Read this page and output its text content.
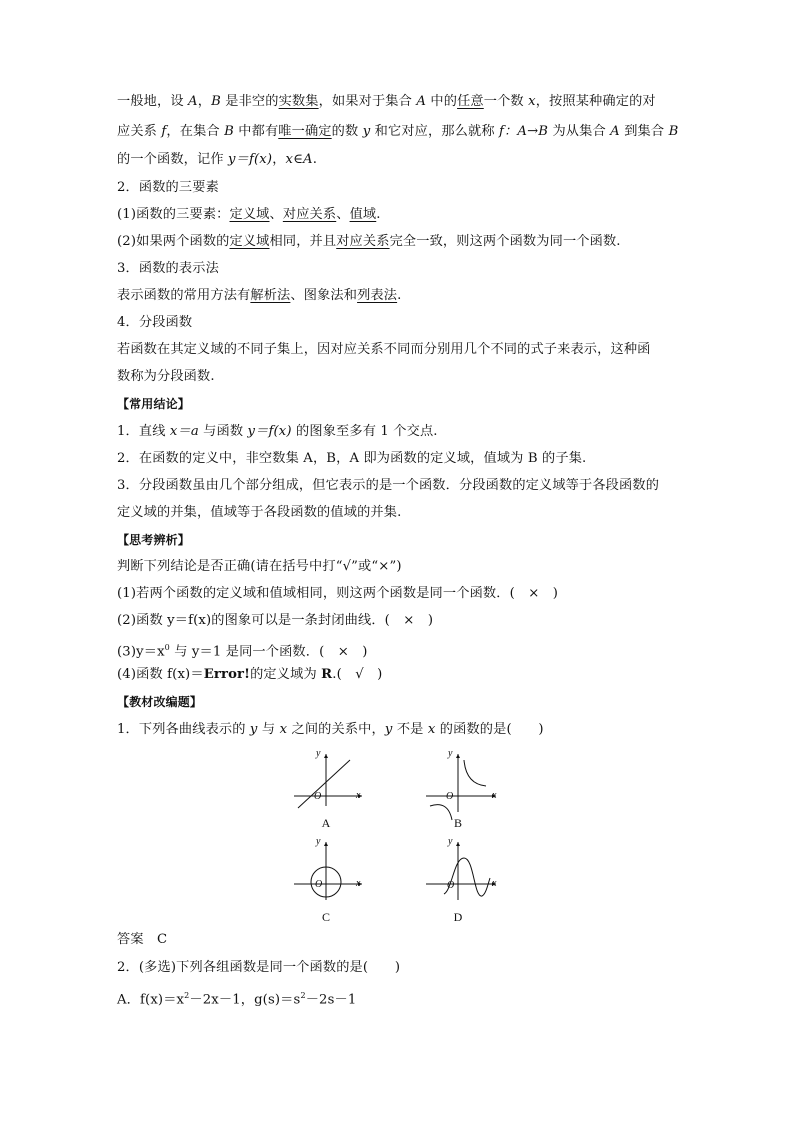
一般地，设 A，B 是非空的实数集，如果对于集合 A 中的任意一个数 x，按照某种确定的对
应关系 f，在集合 B 中都有唯一确定的数 y 和它对应，那么就称 f：A→B 为从集合 A 到集合 B
的一个函数，记作 y＝f(x)，x∈A.
2．函数的三要素
(1)函数的三要素：定义域、对应关系、值域.
(2)如果两个函数的定义域相同，并且对应关系完全一致，则这两个函数为同一个函数.
3．函数的表示法
表示函数的常用方法有解析法、图象法和列表法.
4．分段函数
若函数在其定义域的不同子集上，因对应关系不同而分别用几个不同的式子来表示，这种函
数称为分段函数.
【常用结论】
1．直线 x＝a 与函数 y＝f(x) 的图象至多有 1 个交点.
2．在函数的定义中，非空数集 A，B，A 即为函数的定义域，值域为 B 的子集.
3．分段函数虽由几个部分组成，但它表示的是一个函数．分段函数的定义域等于各段函数的
定义域的并集，值域等于各段函数的值域的并集.
【思考辨析】
判断下列结论是否正确(请在括号中打“√”或“×”)
(1)若两个函数的定义域和值域相同，则这两个函数是同一个函数．(　×　)
(2)函数 y＝f(x)的图象可以是一条封闭曲线．(　×　)
$(3)y=x^0$ 与 y＝1 是同一个函数．(　×　)
(4)函数 f(x)＝Error!的定义域为 R.(　√　)
【教材改编题】
1．下列各曲线表示的 y 与 x 之间的关系中，y 不是 x 的函数的是(　　)
x
y
O
A
x
y
O
B
x
y
O
C
x
y
O
D
答案　C
2．(多选)下列各组函数是同一个函数的是(　　)
A．$f(x)=x^2-2x-1$，$g(s)=s^2-2s-1$
